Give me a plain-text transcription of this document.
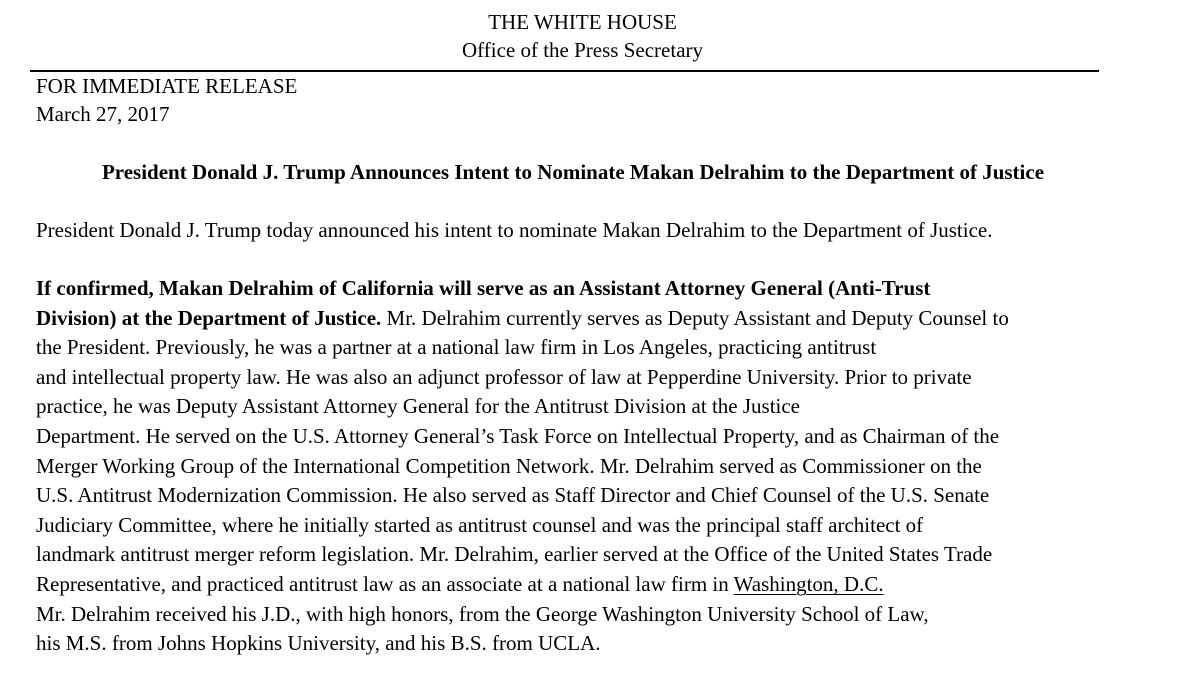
THE WHITE HOUSE
Office of the Press Secretary
FOR IMMEDIATE RELEASE
March 27, 2017
President Donald J. Trump Announces Intent to Nominate Makan Delrahim to the Department of Justice
President Donald J. Trump today announced his intent to nominate Makan Delrahim to the Department of Justice.
If confirmed, Makan Delrahim of California will serve as an Assistant Attorney General (Anti-Trust
Division) at the Department of Justice. Mr. Delrahim currently serves as Deputy Assistant and Deputy Counsel to
the President. Previously, he was a partner at a national law firm in Los Angeles, practicing antitrust
and intellectual property law. He was also an adjunct professor of law at Pepperdine University. Prior to private
practice, he was Deputy Assistant Attorney General for the Antitrust Division at the Justice
Department. He served on the U.S. Attorney General’s Task Force on Intellectual Property, and as Chairman of the
Merger Working Group of the International Competition Network. Mr. Delrahim served as Commissioner on the
U.S. Antitrust Modernization Commission. He also served as Staff Director and Chief Counsel of the U.S. Senate
Judiciary Committee, where he initially started as antitrust counsel and was the principal staff architect of
landmark antitrust merger reform legislation. Mr. Delrahim, earlier served at the Office of the United States Trade
Representative, and practiced antitrust law as an associate at a national law firm in Washington, D.C.
Mr. Delrahim received his J.D., with high honors, from the George Washington University School of Law,
his M.S. from Johns Hopkins University, and his B.S. from UCLA.
